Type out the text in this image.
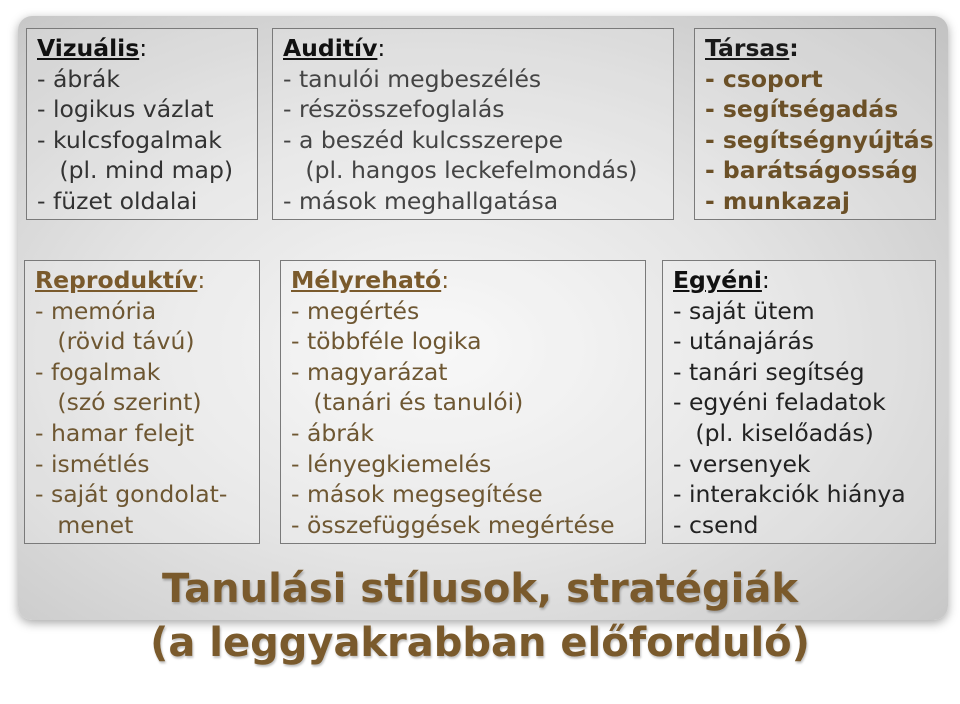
Vizuális:
- ábrák
- logikus vázlat
- kulcsfogalmak
(pl. mind map)
- füzet oldalai
Auditív:
- tanulói megbeszélés
- részösszefoglalás
- a beszéd kulcsszerepe
(pl. hangos leckefelmondás)
- mások meghallgatása
Társas:
- csoport
- segítségadás
- segítségnyújtás
- barátságosság
- munkazaj
Reproduktív:
- memória
(rövid távú)
- fogalmak
(szó szerint)
- hamar felejt
- ismétlés
- saját gondolat-
menet
Mélyreható:
- megértés
- többféle logika
- magyarázat
(tanári és tanulói)
- ábrák
- lényegkiemelés
- mások megsegítése
- összefüggések megértése
Egyéni:
- saját ütem
- utánajárás
- tanári segítség
- egyéni feladatok
(pl. kiselőadás)
- versenyek
- interakciók hiánya
- csend
Tanulási stílusok, stratégiák
(a leggyakrabban előforduló)
